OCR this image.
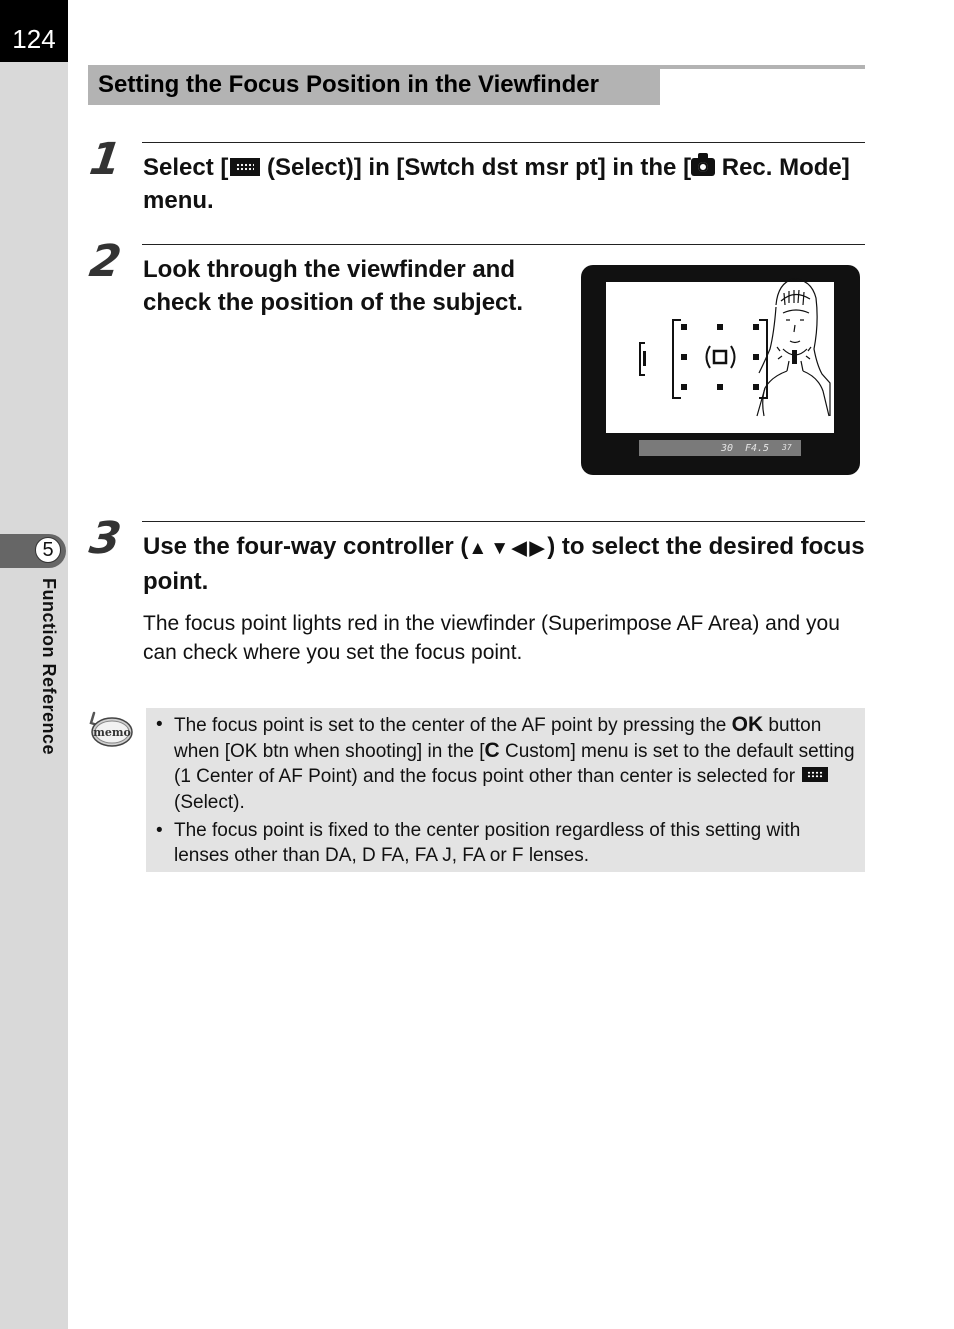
124
5
Function Reference
Setting the Focus Position in the Viewfinder
1 Select [ (Select)] in [Swtch dst msr pt] in the [ Rec. Mode] menu.
2 Look through the viewfinder and check the position of the subject.
30 F4.5 37
3 Use the four-way controller (▲▼◀▶) to select the desired focus point.
The focus point lights red in the viewfinder (Superimpose AF Area) and you can check where you set the focus point.
memo
•	The focus point is set to the center of the AF point by pressing the OK button when [OK btn when shooting] in the [C Custom] menu is set to the default setting (1 Center of AF Point) and the focus point other than center is selected for  (Select).
• The focus point is fixed to the center position regardless of this setting with lenses other than DA, D FA, FA J, FA or F lenses.
